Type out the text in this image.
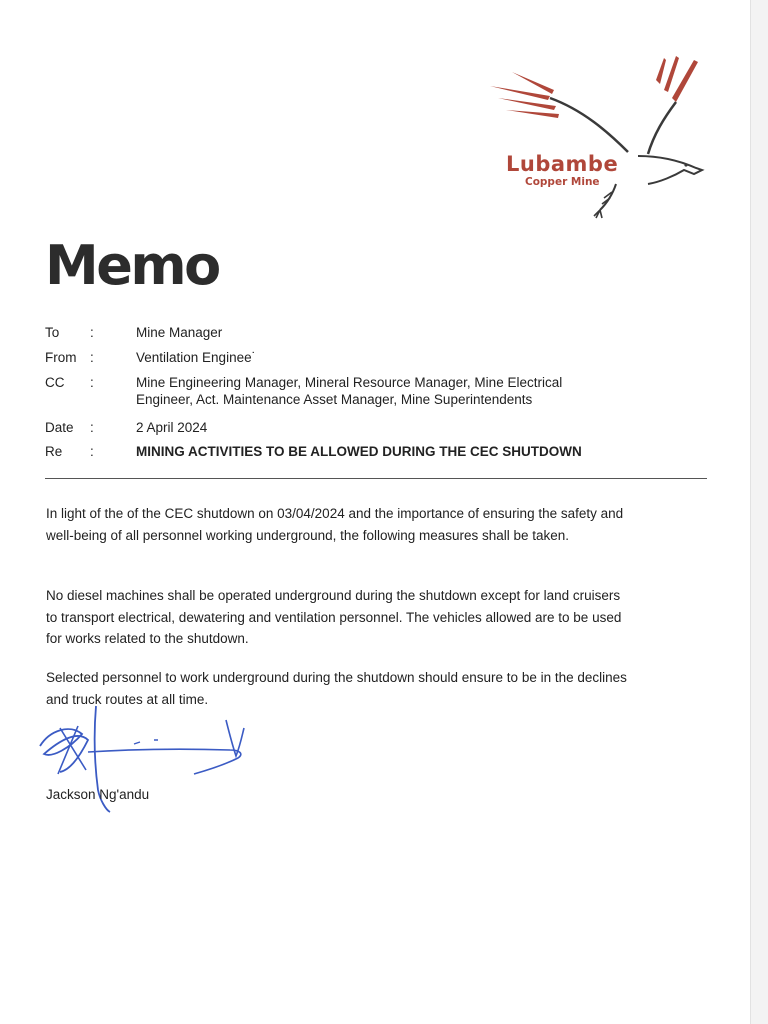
Lubambe
Copper Mine
Memo
To :	Mine Manager
From :	Ventilation Enginee˙
CC :	Mine Engineering Manager, Mineral Resource Manager, Mine Electrical Engineer, Act. Maintenance Asset Manager, Mine Superintendents
Date :	2 April 2024
Re :	MINING ACTIVITIES TO BE ALLOWED DURING THE CEC SHUTDOWN

In light of the of the CEC shutdown on 03/04/2024 and the importance of ensuring the safety and well-being of all personnel working underground, the following measures shall be taken.

No diesel machines shall be operated underground during the shutdown except for land cruisers to transport electrical, dewatering and ventilation personnel. The vehicles allowed are to be used for works related to the shutdown.

Selected personnel to work underground during the shutdown should ensure to be in the declines and truck routes at all time.

Jackson Ng'andu
